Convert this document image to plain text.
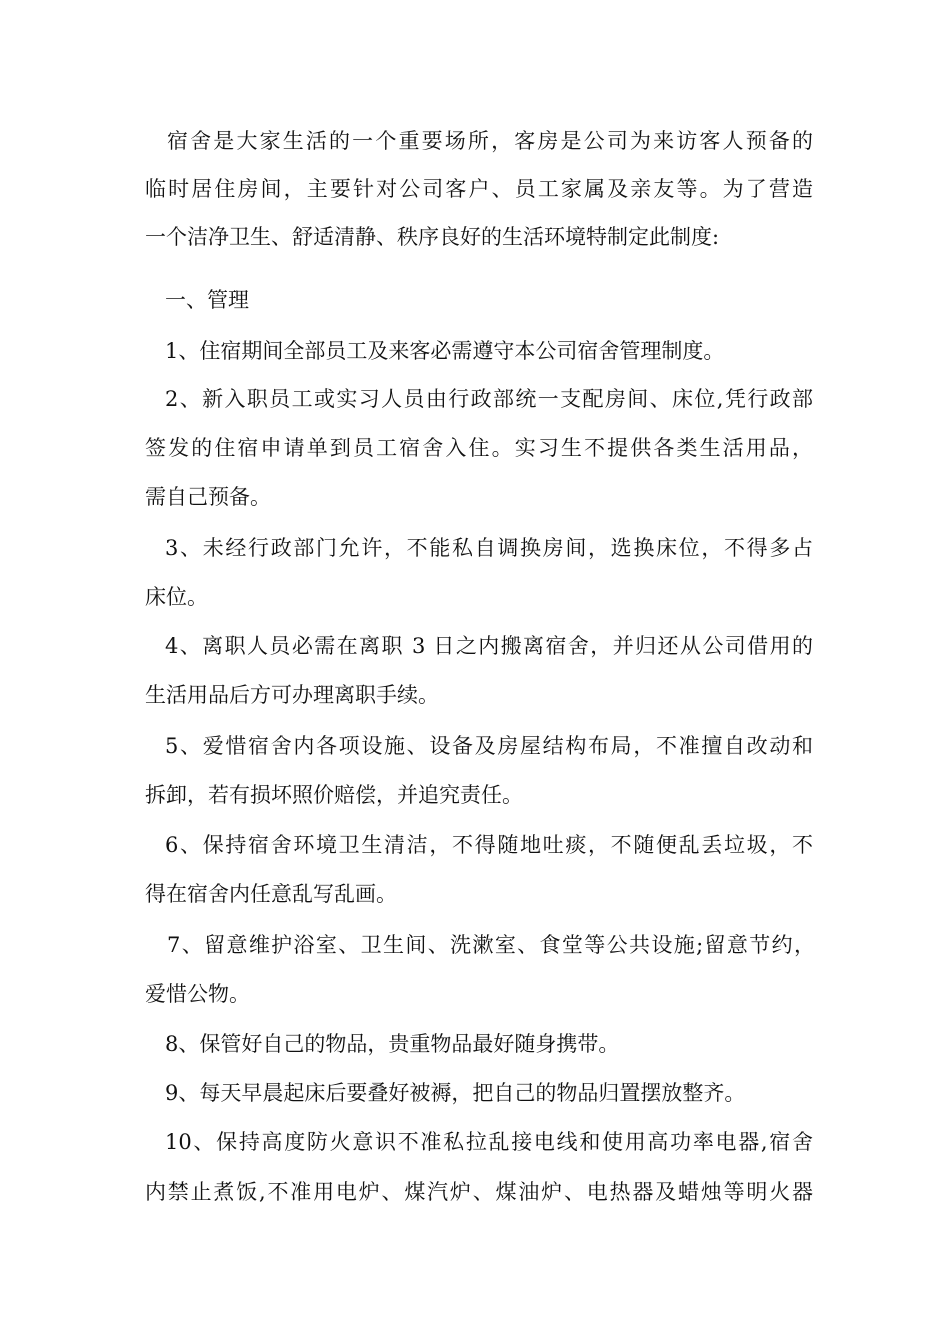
宿舍是大家生活的一个重要场所，客房是公司为来访客人预备的
临时居住房间，主要针对公司客户、员工家属及亲友等。为了营造
一个洁净卫生、舒适清静、秩序良好的生活环境特制定此制度:
一、管理
1、住宿期间全部员工及来客必需遵守本公司宿舍管理制度。
2、新入职员工或实习人员由行政部统一支配房间、床位,凭行政部
签发的住宿申请单到员工宿舍入住。实习生不提供各类生活用品，
需自己预备。
3、未经行政部门允许，不能私自调换房间，选换床位，不得多占
床位。
4、离职人员必需在离职 3 日之内搬离宿舍，并归还从公司借用的
生活用品后方可办理离职手续。
5、爱惜宿舍内各项设施、设备及房屋结构布局，不准擅自改动和
拆卸，若有损坏照价赔偿，并追究责任。
6、保持宿舍环境卫生清洁，不得随地吐痰，不随便乱丢垃圾，不
得在宿舍内任意乱写乱画。
7、留意维护浴室、卫生间、洗漱室、食堂等公共设施;留意节约，
爱惜公物。
8、保管好自己的物品，贵重物品最好随身携带。
9、每天早晨起床后要叠好被褥，把自己的物品归置摆放整齐。
10、保持高度防火意识不准私拉乱接电线和使用高功率电器,宿舍
内禁止煮饭,不准用电炉、煤汽炉、煤油炉、电热器及蜡烛等明火器
